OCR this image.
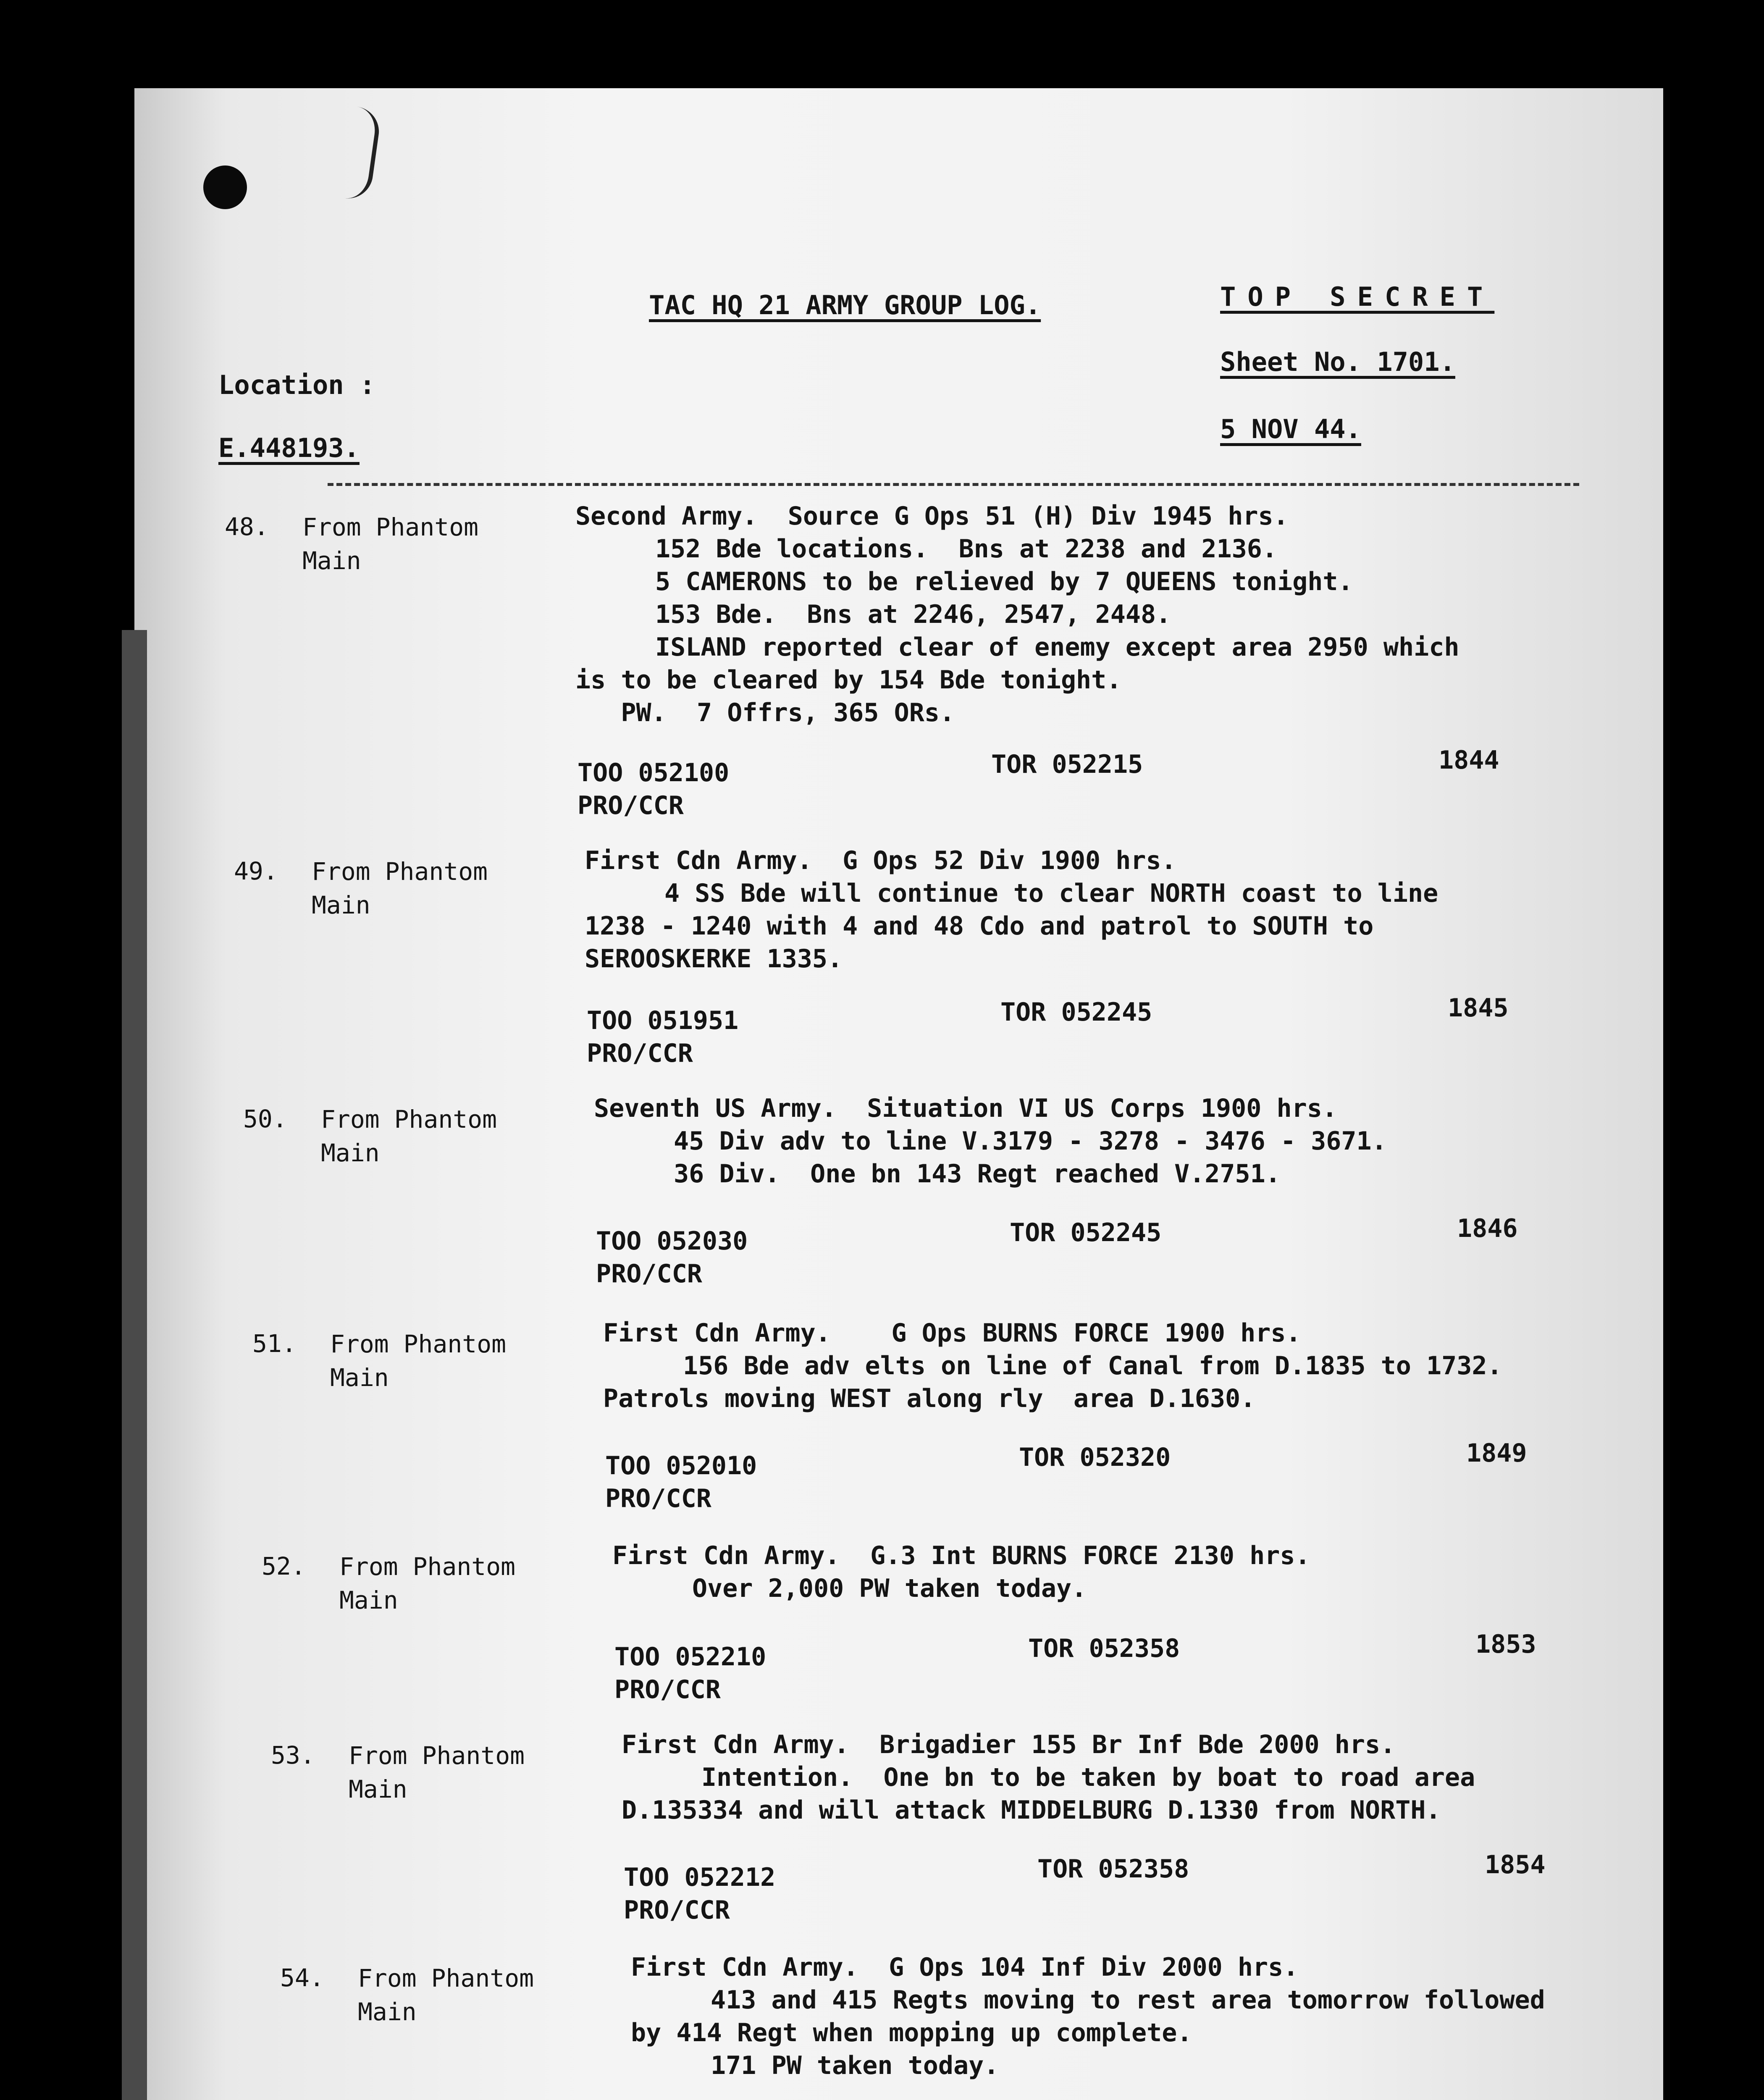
TAC HQ 21 ARMY GROUP LOG.	TOP SECRET
Sheet No. 1701.
5 NOV 44.
Location :
E.448193.
48. From Phantom
Main
Second Army.  Source G Ops 51 (H) Div 1945 hrs.
152 Bde locations.  Bns at 2238 and 2136.
5 CAMERONS to be relieved by 7 QUEENS tonight.
153 Bde.  Bns at 2246, 2547, 2448.
ISLAND reported clear of enemy except area 2950 which
is to be cleared by 154 Bde tonight.
PW.  7 Offrs, 365 ORs.
TOO 052100
PRO/CCR
TOR 052215	1844
49. From Phantom
Main
First Cdn Army.  G Ops 52 Div 1900 hrs.
4 SS Bde will continue to clear NORTH coast to line
1238 - 1240 with 4 and 48 Cdo and patrol to SOUTH to
SEROOSKERKE 1335.
TOO 051951
PRO/CCR
TOR 052245	1845
50. From Phantom
Main
Seventh US Army.  Situation VI US Corps 1900 hrs.
45 Div adv to line V.3179 - 3278 - 3476 - 3671.
36 Div.  One bn 143 Regt reached V.2751.
TOO 052030
PRO/CCR
TOR 052245	1846
51. From Phantom
Main
First Cdn Army.    G Ops BURNS FORCE 1900 hrs.
156 Bde adv elts on line of Canal from D.1835 to 1732.
Patrols moving WEST along rly  area D.1630.
TOO 052010
PRO/CCR
TOR 052320	1849
52. From Phantom
Main
First Cdn Army.  G.3 Int BURNS FORCE 2130 hrs.
Over 2,000 PW taken today.
TOO 052210
PRO/CCR
TOR 052358	1853
53. From Phantom
Main
First Cdn Army.  Brigadier 155 Br Inf Bde 2000 hrs.
Intention.  One bn to be taken by boat to road area
D.135334 and will attack MIDDELBURG D.1330 from NORTH.
TOO 052212
PRO/CCR
TOR 052358	1854
54. From Phantom
Main
First Cdn Army.  G Ops 104 Inf Div 2000 hrs.
413 and 415 Regts moving to rest area tomorrow followed
by 414 Regt when mopping up complete.
171 PW taken today.
